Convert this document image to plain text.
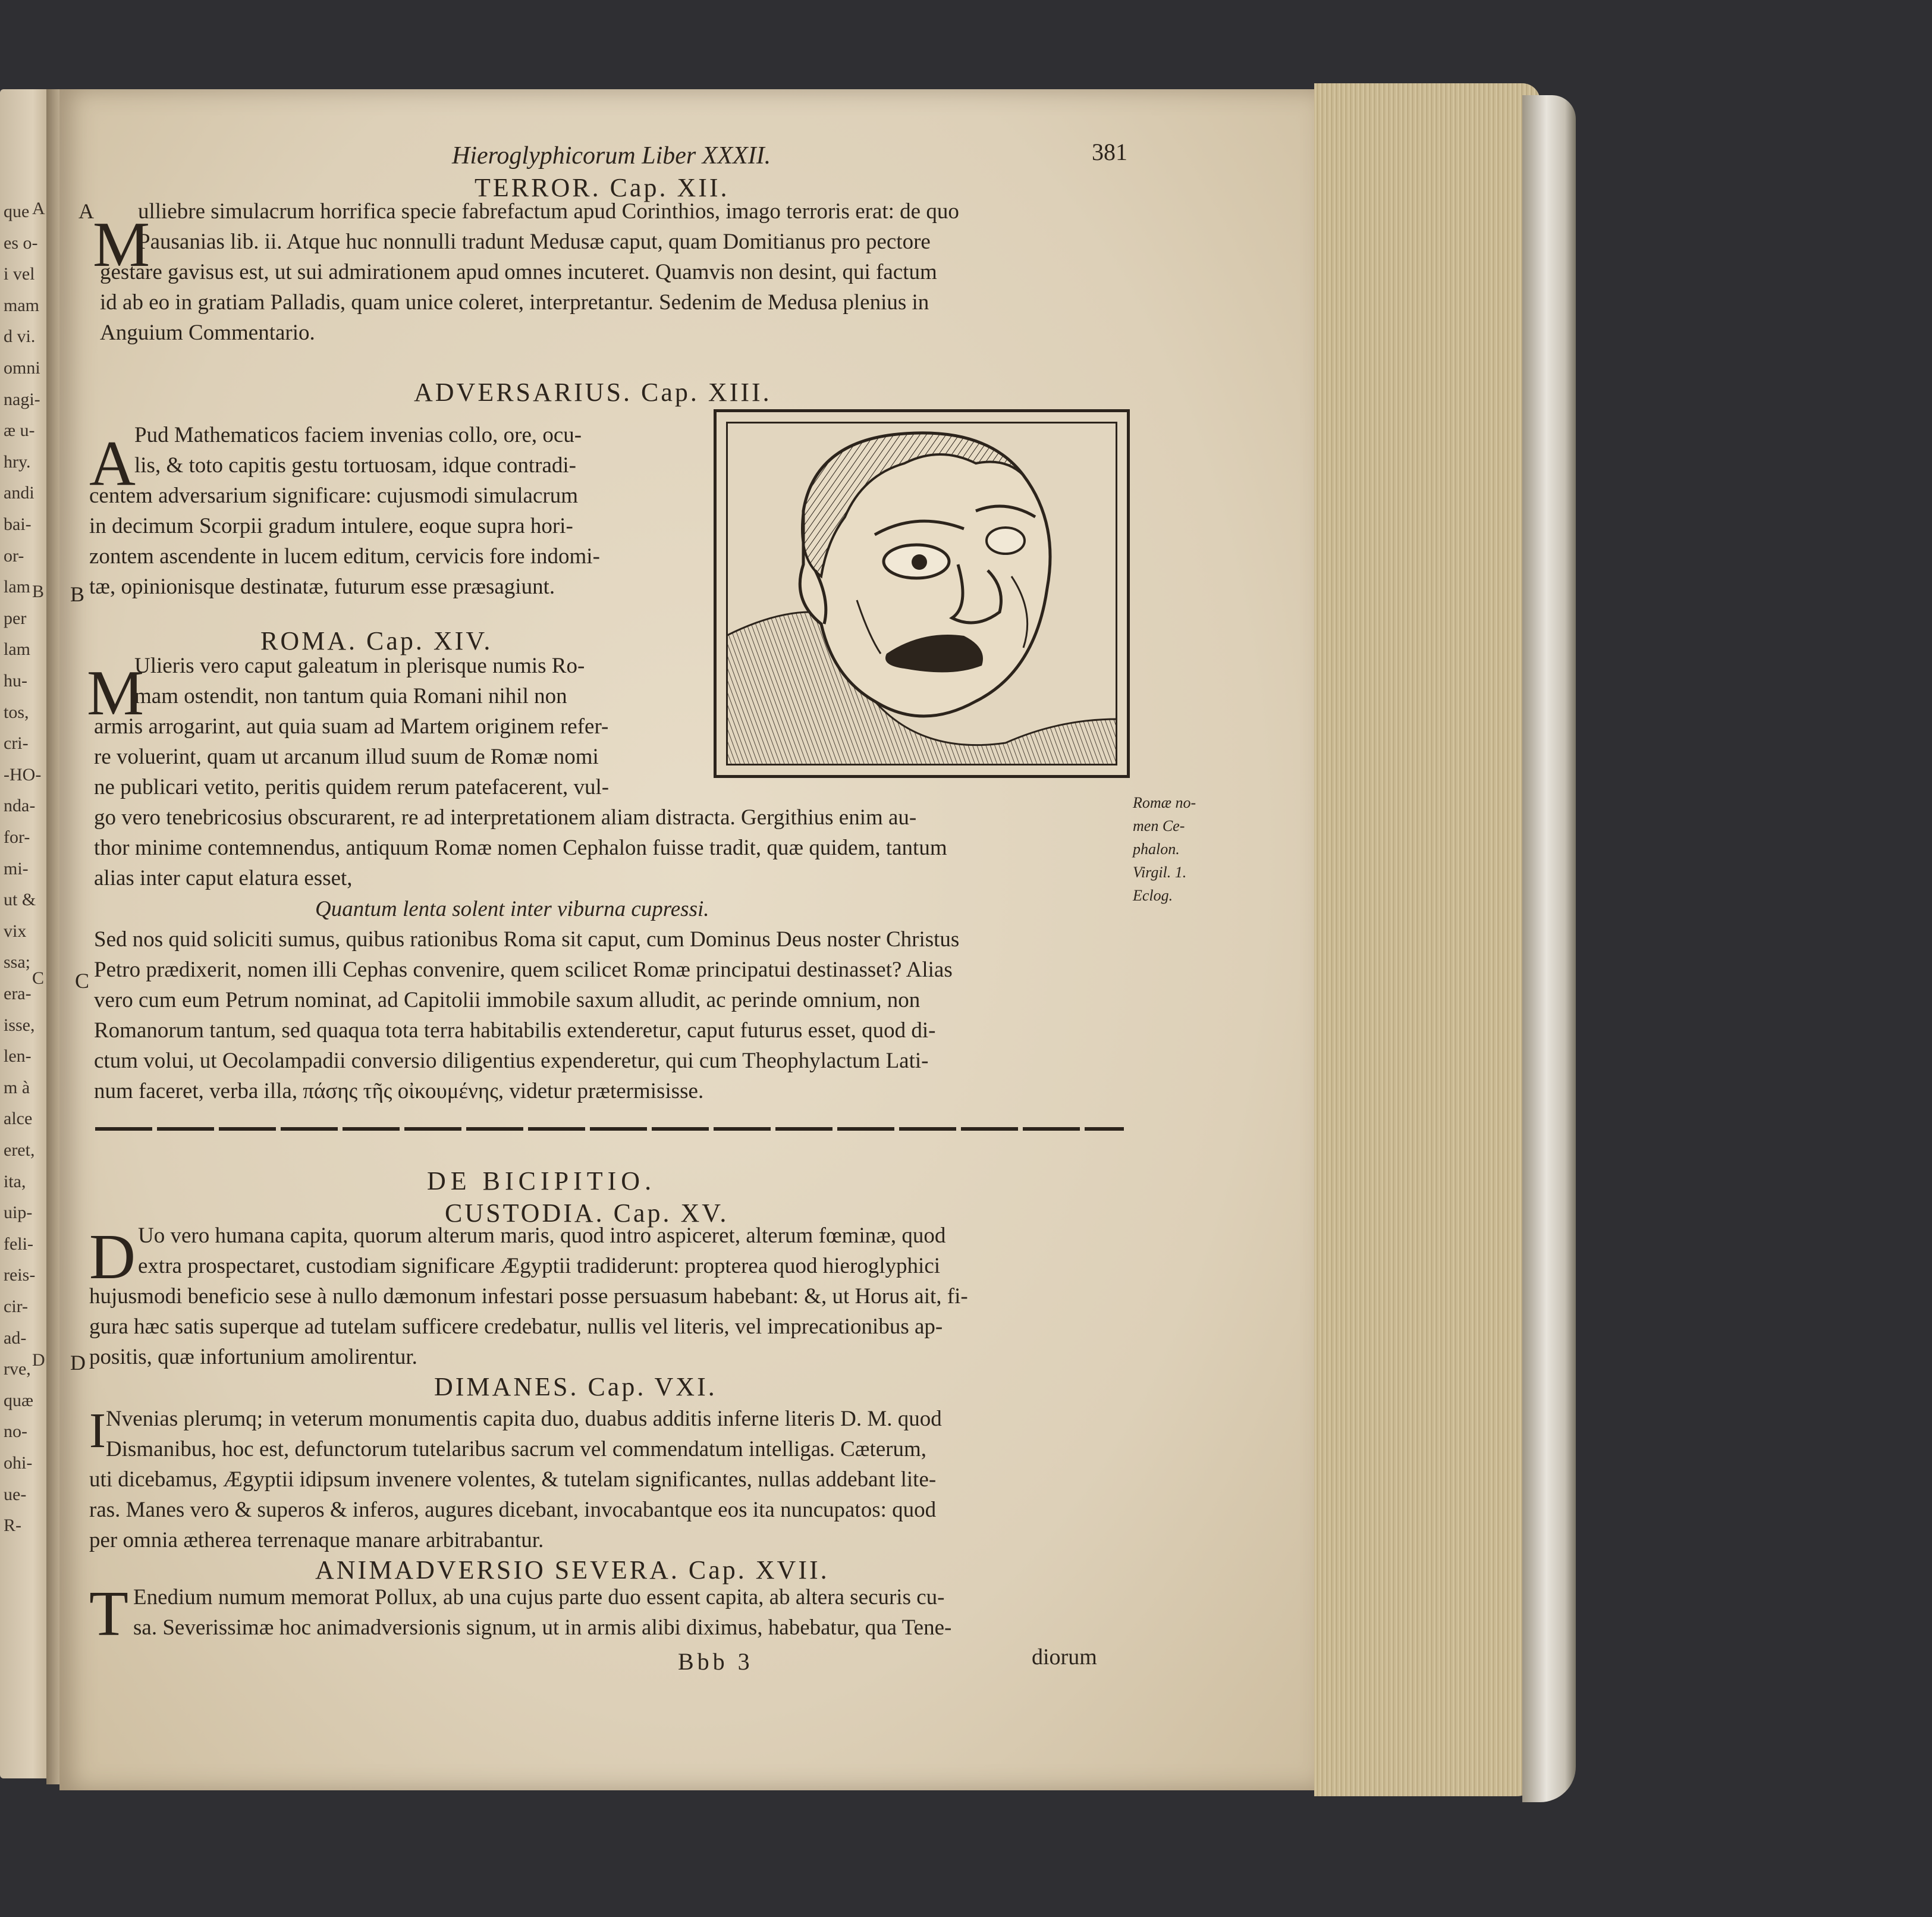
que
es o-
i vel
mam
d vi.
omni
nagi-
æ u-
hry.
andi
bai-
or-
lam
per
lam
hu-
tos,
cri-
-HO-
nda-
for-
mi-
ut &
vix
ssa;
era-
isse,
len-
m à
alce
eret,
ita,
uip-
feli-
reis-
cir-
ad-
rve,
quæ
no-
ohi-
ue-
R-
A
B
C
D
Hieroglyphicorum Liber XXXII.	381
A
B
C
D
TERROR. Cap. XII.
M
ulliebre simulacrum horrifica specie fabrefactum apud Corinthios, imago terroris erat: de quo
Pausanias lib. ii. Atque huc nonnulli tradunt Medusæ caput, quam Domitianus pro pectore
gestare gavisus est, ut sui admirationem apud omnes incuteret. Quamvis non desint, qui factum
id ab eo in gratiam Palladis, quam unice coleret, interpretantur. Sedenim de Medusa plenius in
Anguium Commentario.
ADVERSARIUS. Cap. XIII.
A
Pud Mathematicos faciem invenias collo, ore, ocu-
lis, & toto capitis gestu tortuosam, idque contradi-
centem adversarium significare: cujusmodi simulacrum
in decimum Scorpii gradum intulere, eoque supra hori-
zontem ascendente in lucem editum, cervicis fore indomi-
tæ, opinionisque destinatæ, futurum esse præsagiunt.
ROMA. Cap. XIV.
M
Ulieris vero caput galeatum in plerisque numis Ro-
mam ostendit, non tantum quia Romani nihil non
armis arrogarint, aut quia suam ad Martem originem refer-
re voluerint, quam ut arcanum illud suum de Romæ nomi
ne publicari vetito, peritis quidem rerum patefacerent, vul-
go vero tenebricosius obscurarent, re ad interpretationem aliam distracta. Gergithius enim au-
thor minime contemnendus, antiquum Romæ nomen Cephalon fuisse tradit, quæ quidem, tantum
alias inter caput elatura esset,
Quantum lenta solent inter viburna cupressi.
Sed nos quid soliciti sumus, quibus rationibus Roma sit caput, cum Dominus Deus noster Christus
Petro prædixerit, nomen illi Cephas convenire, quem scilicet Romæ principatui destinasset? Alias
vero cum eum Petrum nominat, ad Capitolii immobile saxum alludit, ac perinde omnium, non
Romanorum tantum, sed quaqua tota terra habitabilis extenderetur, caput futurus esset, quod di-
ctum volui, ut Oecolampadii conversio diligentius expenderetur, qui cum Theophylactum Lati-
num faceret, verba illa, πάσης τῆς οἰκουμένης, videtur prætermisisse.
Romæ no-
men Ce-
phalon.
Virgil. 1.
Eclog.
DE BICIPITIO.
CUSTODIA. Cap. XV.
D Uo vero humana capita, quorum alterum maris, quod intro aspiceret, alterum fœminæ, quod
extra prospectaret, custodiam significare Ægyptii tradiderunt: propterea quod hieroglyphici
hujusmodi beneficio sese à nullo dæmonum infestari posse persuasum habebant: &, ut Horus ait, fi-
gura hæc satis superque ad tutelam sufficere credebatur, nullis vel literis, vel imprecationibus ap-
positis, quæ infortunium amolirentur.
DIMANES. Cap. VXI.
I Nvenias plerumq; in veterum monumentis capita duo, duabus additis inferne literis D. M. quod
Dismanibus, hoc est, defunctorum tutelaribus sacrum vel commendatum intelligas. Cæterum,
uti dicebamus, Ægyptii idipsum invenere volentes, & tutelam significantes, nullas addebant lite-
ras. Manes vero & superos & inferos, augures dicebant, invocabantque eos ita nuncupatos: quod
per omnia ætherea terrenaque manare arbitrabantur.
ANIMADVERSIO SEVERA. Cap. XVII.
T Enedium numum memorat Pollux, ab una cujus parte duo essent capita, ab altera securis cu-
sa. Severissimæ hoc animadversionis signum, ut in armis alibi diximus, habebatur, qua Tene-
Bbb 3	diorum
